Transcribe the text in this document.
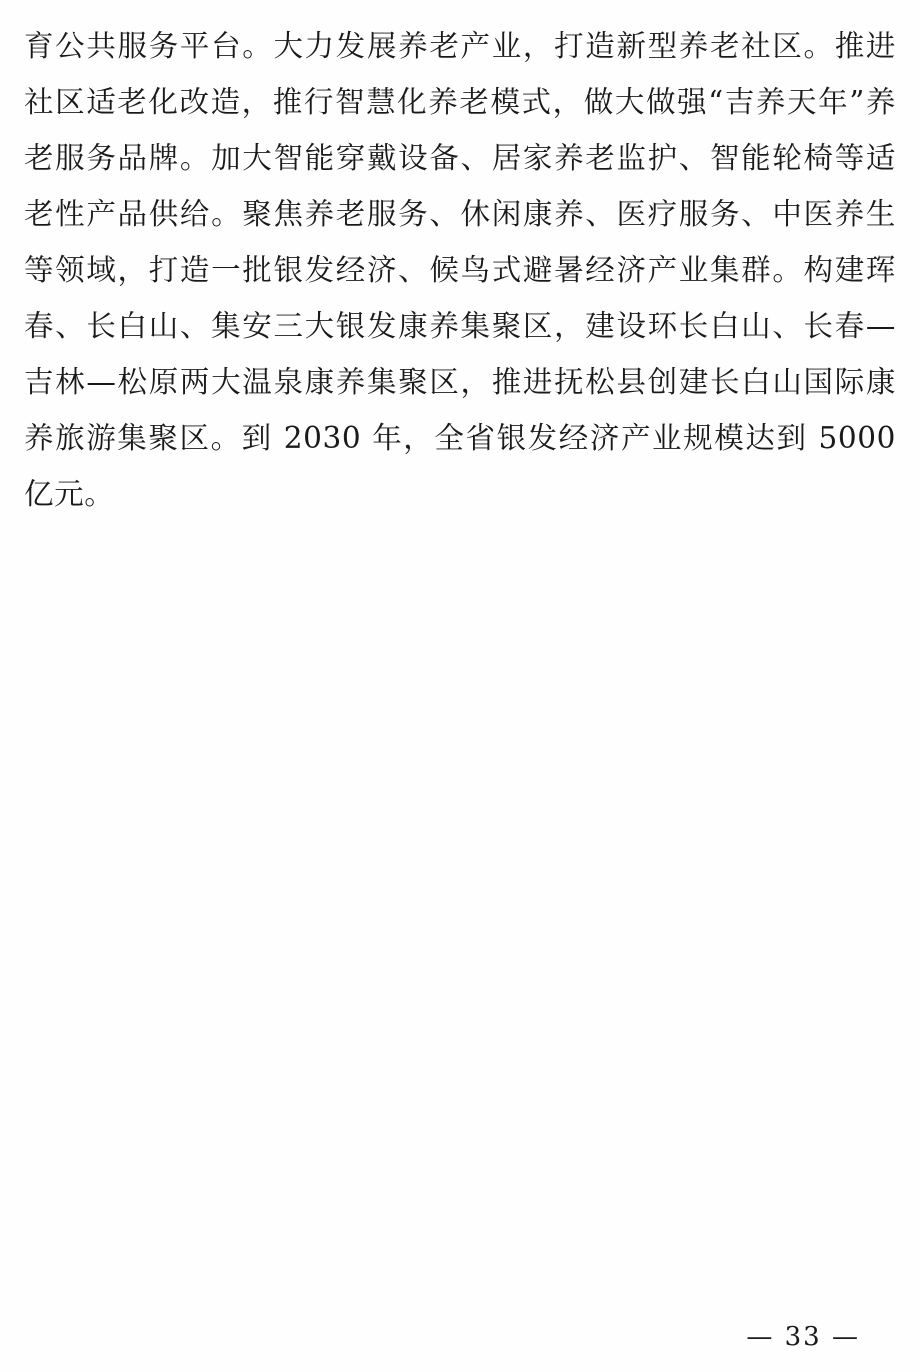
育公共服务平台。大力发展养老产业，打造新型养老社区。推进社区适老化改造，推行智慧化养老模式，做大做强“吉养天年”养老服务品牌。加大智能穿戴设备、居家养老监护、智能轮椅等适老性产品供给。聚焦养老服务、休闲康养、医疗服务、中医养生等领域，打造一批银发经济、候鸟式避暑经济产业集群。构建珲春、长白山、集安三大银发康养集聚区，建设环长白山、长春—吉林—松原两大温泉康养集聚区，推进抚松县创建长白山国际康养旅游集聚区。到 2030 年，全省银发经济产业规模达到 5000亿元。
— 33 —
